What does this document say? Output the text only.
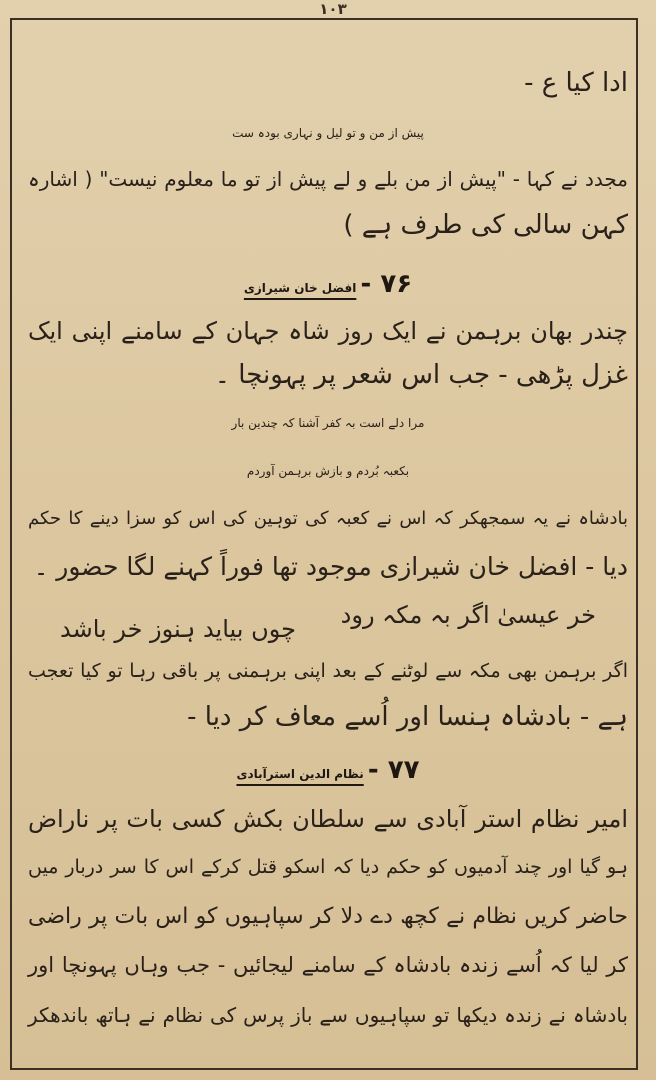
۱۰۳
ادا کیا ع -
پیش از من و تو لیل و نہاری بودہ ست
مجدد نے کہا - "پیش از من بلے و لے پیش از تو ما معلوم نیست" ( اشارہ
کہن سالی کی طرف ہے )
۷۶ - افضل خان شیرازی
چندر بھان برہمن نے ایک روز شاہ جہان کے سامنے اپنی ایک
غزل پڑھی - جب اس شعر پر پہونچا ۔
مرا دلے است بہ کفر آشنا کہ چندین بار
بکعبہ بُردم و بازش برہمن آوردم
بادشاہ نے یہ سمجھکر کہ اس نے کعبہ کی توہین کی اس کو سزا دینے کا حکم
دیا - افضل خان شیرازی موجود تھا فوراً کہنے لگا حضور ۔
خر عیسیٰ اگر بہ مکہ رود
چوں بیاید ہنوز خر باشد
اگر برہمن بھی مکہ سے لوٹنے کے بعد اپنی برہمنی پر باقی رہا تو کیا تعجب
ہے - بادشاہ ہنسا اور اُسے معاف کر دیا -
۷۷ - نظام الدین استرآبادی
امیر نظام استر آبادی سے سلطان بکش کسی بات پر ناراض
ہو گیا اور چند آدمیوں کو حکم دیا کہ اسکو قتل کرکے اس کا سر دربار میں
حاضر کریں نظام نے کچھ دے دلا کر سپاہیوں کو اس بات پر راضی
کر لیا کہ اُسے زندہ بادشاہ کے سامنے لیجائیں - جب وہاں پہونچا اور
بادشاہ نے زندہ دیکھا تو سپاہیوں سے باز پرس کی نظام نے ہاتھ باندھکر
